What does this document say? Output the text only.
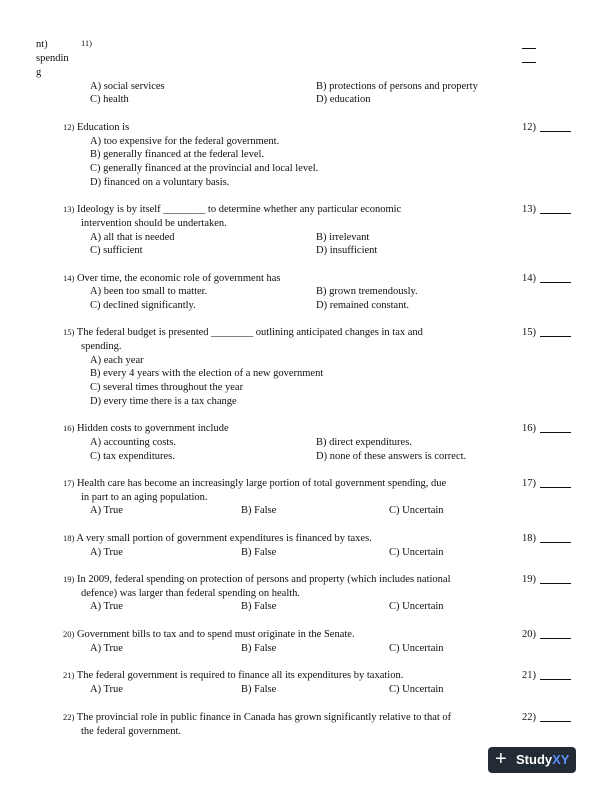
nt)
spendin
g
11)
A) social services	B) protections of persons and property
C) health	D) education
12) Education is
A) too expensive for the federal government.
B) generally financed at the federal level.
C) generally financed at the provincial and local level.
D) financed on a voluntary basis.
12)
13) Ideology is by itself ________ to determine whether any particular economic
intervention should be undertaken.
A) all that is needed	B) irrelevant
C) sufficient	D) insufficient
13)
14) Over time, the economic role of government has
A) been too small to matter.	B) grown tremendously.
C) declined significantly.	D) remained constant.
14)
15) The federal budget is presented ________ outlining anticipated changes in tax and
spending.
A) each year
B) every 4 years with the election of a new government
C) several times throughout the year
D) every time there is a tax change
15)
16) Hidden costs to government include
A) accounting costs.	B) direct expenditures.
C) tax expenditures.	D) none of these answers is correct.
16)
17) Health care has become an increasingly large portion of total government spending, due
in part to an aging population.
A) True	B) False	C) Uncertain
17)
18) A very small portion of government expenditures is financed by taxes.
A) True	B) False	C) Uncertain
18)
19) In 2009, federal spending on protection of persons and property (which includes national
defence) was larger than federal spending on health.
A) True	B) False	C) Uncertain
19)
20) Government bills to tax and to spend must originate in the Senate.
A) True	B) False	C) Uncertain
20)
21) The federal government is required to finance all its expenditures by taxation.
A) True	B) False	C) Uncertain
21)
22) The provincial role in public finance in Canada has grown significantly relative to that of
the federal government.
22)
+ StudyXY
